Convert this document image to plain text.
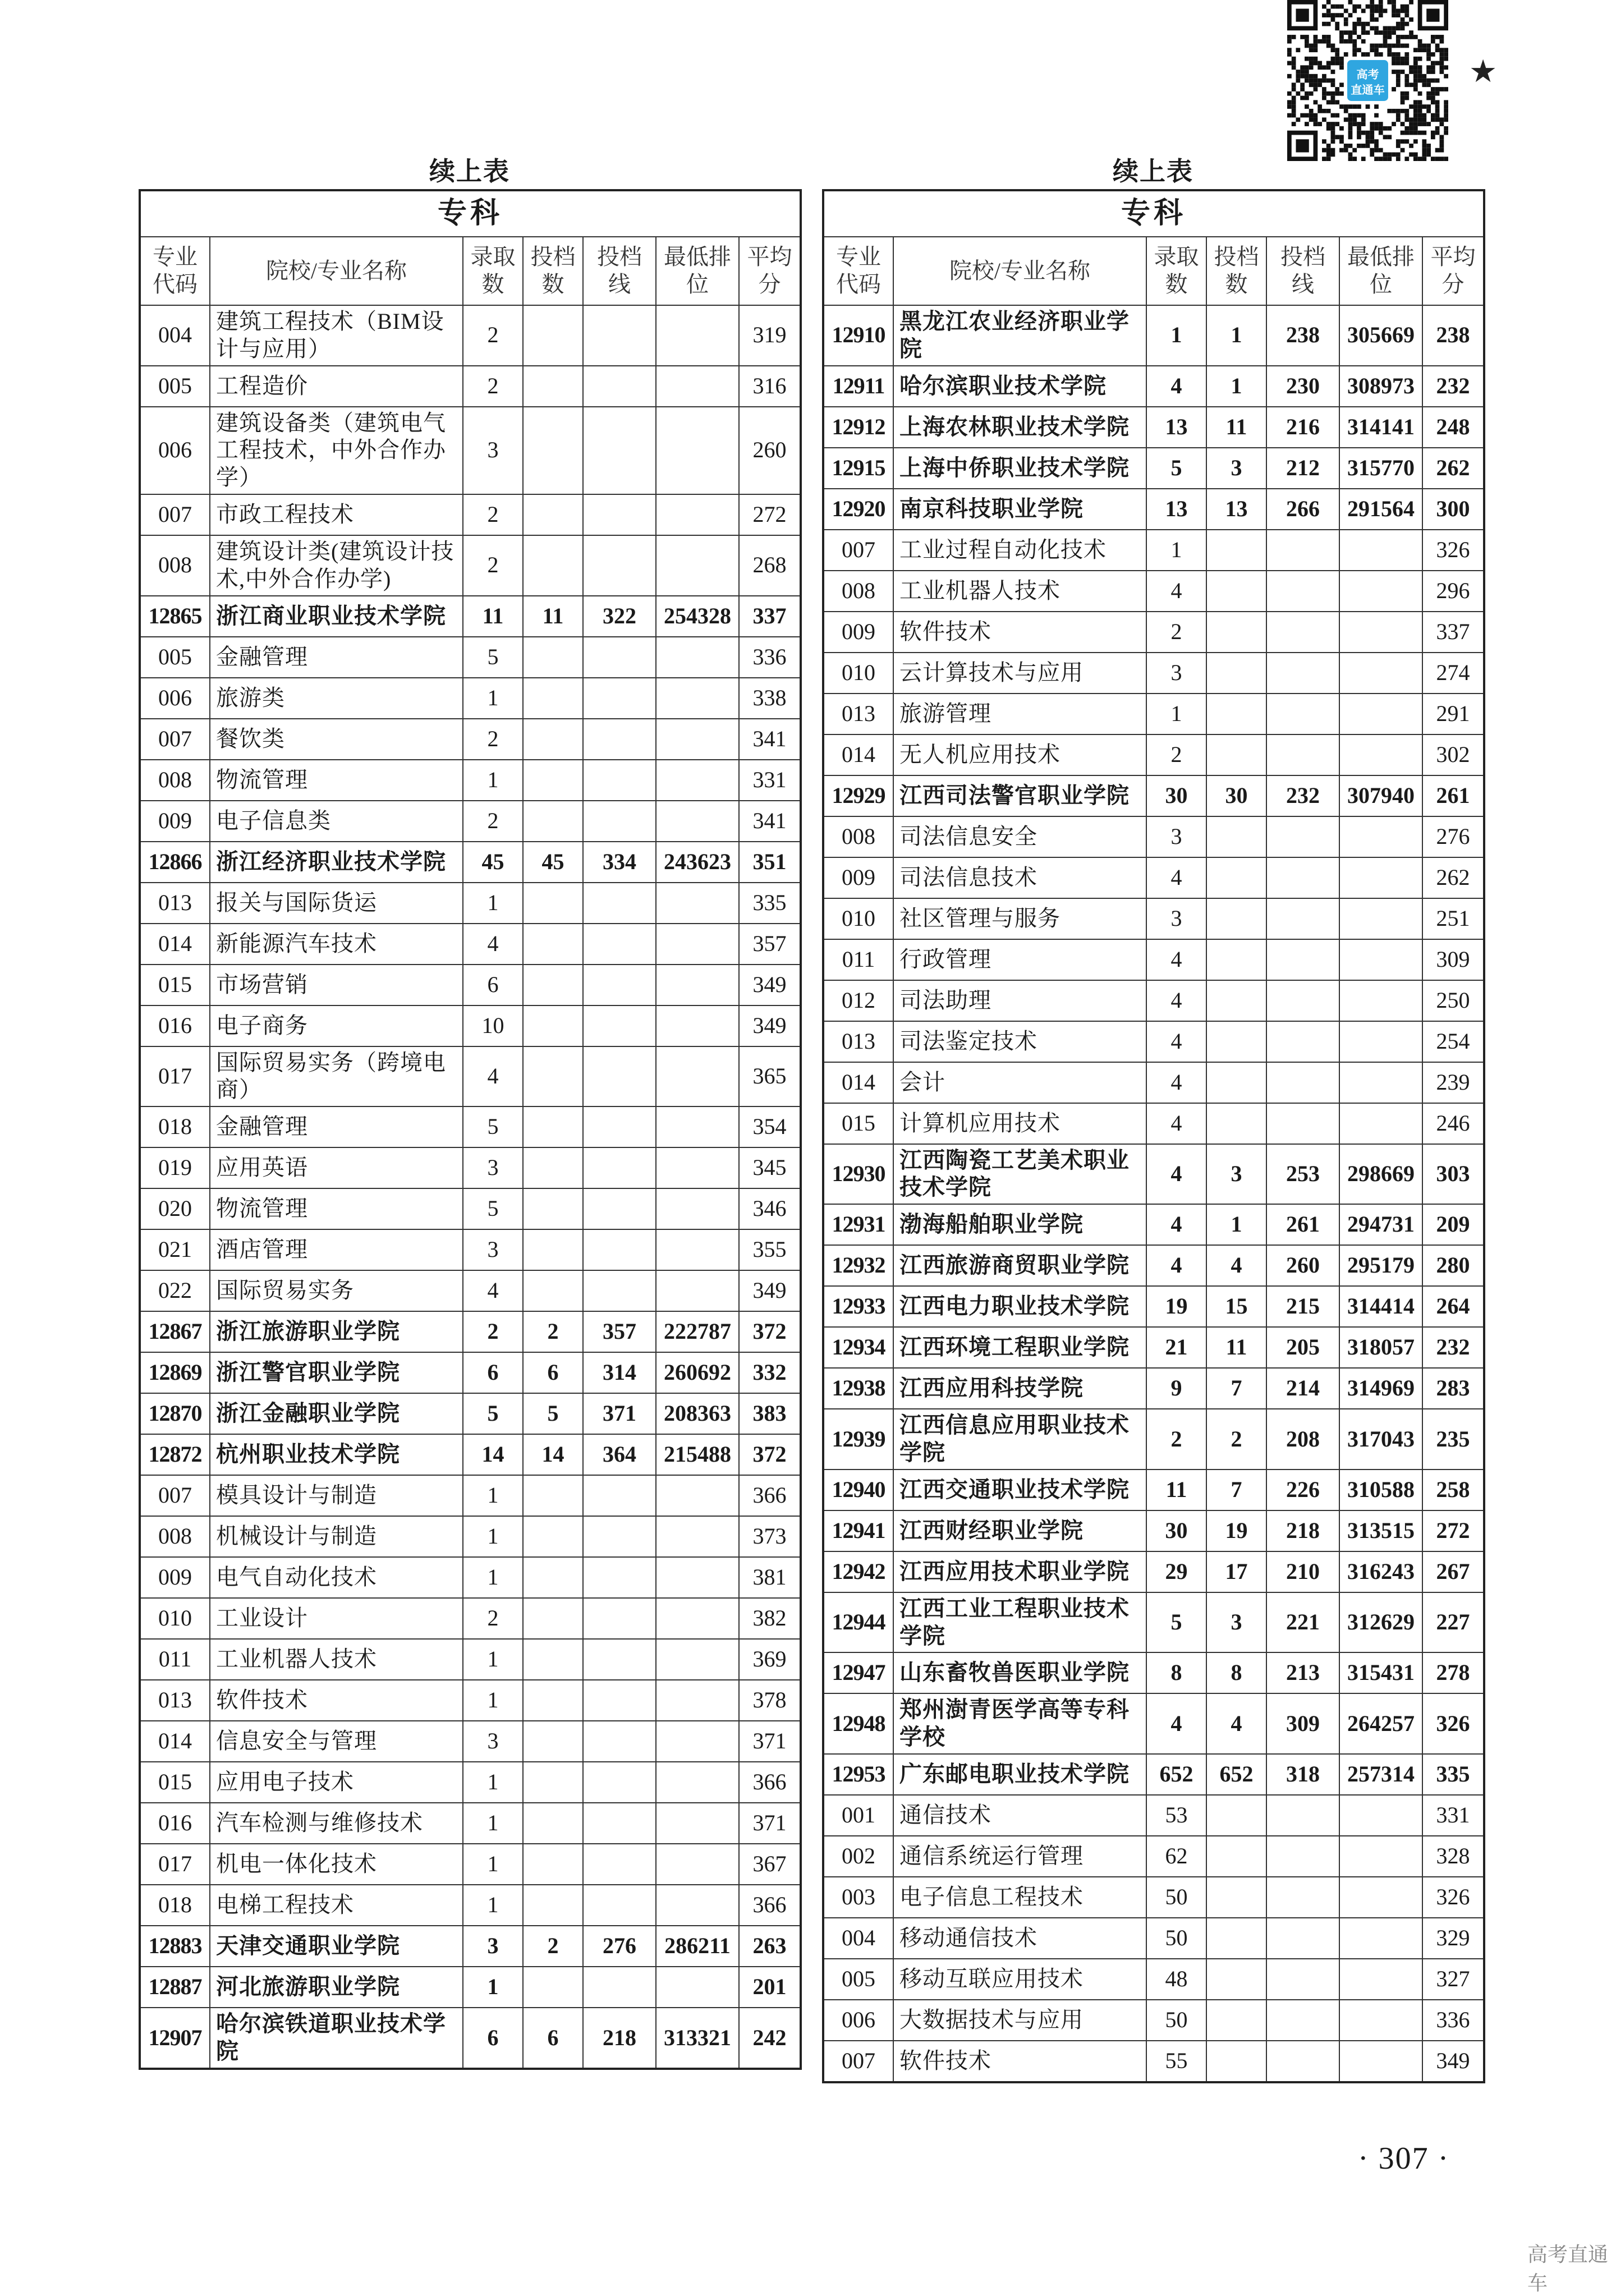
高考
直通车
★
续上表
专科						
专业代码	院校/专业名称	录取数	投档数	投档线	最低排位	平均分
004	建筑工程技术（BIM设计与应用）	2				319
005	工程造价	2				316
006	建筑设备类（建筑电气工程技术，中外合作办学）	3				260
007	市政工程技术	2				272
008	建筑设计类(建筑设计技术,中外合作办学)	2				268
12865	浙江商业职业技术学院	11	11	322	254328	337
005	金融管理	5				336
006	旅游类	1				338
007	餐饮类	2				341
008	物流管理	1				331
009	电子信息类	2				341
12866	浙江经济职业技术学院	45	45	334	243623	351
013	报关与国际货运	1				335
014	新能源汽车技术	4				357
015	市场营销	6				349
016	电子商务	10				349
017	国际贸易实务（跨境电商）	4				365
018	金融管理	5				354
019	应用英语	3				345
020	物流管理	5				346
021	酒店管理	3				355
022	国际贸易实务	4				349
12867	浙江旅游职业学院	2	2	357	222787	372
12869	浙江警官职业学院	6	6	314	260692	332
12870	浙江金融职业学院	5	5	371	208363	383
12872	杭州职业技术学院	14	14	364	215488	372
007	模具设计与制造	1				366
008	机械设计与制造	1				373
009	电气自动化技术	1				381
010	工业设计	2				382
011	工业机器人技术	1				369
013	软件技术	1				378
014	信息安全与管理	3				371
015	应用电子技术	1				366
016	汽车检测与维修技术	1				371
017	机电一体化技术	1				367
018	电梯工程技术	1				366
12883	天津交通职业学院	3	2	276	286211	263
12887	河北旅游职业学院	1				201
12907	哈尔滨铁道职业技术学院	6	6	218	313321	242
续上表
专科						
专业代码	院校/专业名称	录取数	投档数	投档线	最低排位	平均分
12910	黑龙江农业经济职业学院	1	1	238	305669	238
12911	哈尔滨职业技术学院	4	1	230	308973	232
12912	上海农林职业技术学院	13	11	216	314141	248
12915	上海中侨职业技术学院	5	3	212	315770	262
12920	南京科技职业学院	13	13	266	291564	300
007	工业过程自动化技术	1				326
008	工业机器人技术	4				296
009	软件技术	2				337
010	云计算技术与应用	3				274
013	旅游管理	1				291
014	无人机应用技术	2				302
12929	江西司法警官职业学院	30	30	232	307940	261
008	司法信息安全	3				276
009	司法信息技术	4				262
010	社区管理与服务	3				251
011	行政管理	4				309
012	司法助理	4				250
013	司法鉴定技术	4				254
014	会计	4				239
015	计算机应用技术	4				246
12930	江西陶瓷工艺美术职业技术学院	4	3	253	298669	303
12931	渤海船舶职业学院	4	1	261	294731	209
12932	江西旅游商贸职业学院	4	4	260	295179	280
12933	江西电力职业技术学院	19	15	215	314414	264
12934	江西环境工程职业学院	21	11	205	318057	232
12938	江西应用科技学院	9	7	214	314969	283
12939	江西信息应用职业技术学院	2	2	208	317043	235
12940	江西交通职业技术学院	11	7	226	310588	258
12941	江西财经职业学院	30	19	218	313515	272
12942	江西应用技术职业学院	29	17	210	316243	267
12944	江西工业工程职业技术学院	5	3	221	312629	227
12947	山东畜牧兽医职业学院	8	8	213	315431	278
12948	郑州澍青医学高等专科学校	4	4	309	264257	326
12953	广东邮电职业技术学院	652	652	318	257314	335
001	通信技术	53				331
002	通信系统运行管理	62				328
003	电子信息工程技术	50				326
004	移动通信技术	50				329
005	移动互联应用技术	48				327
006	大数据技术与应用	50				336
007	软件技术	55				349
· 307 ·
高考直通车
